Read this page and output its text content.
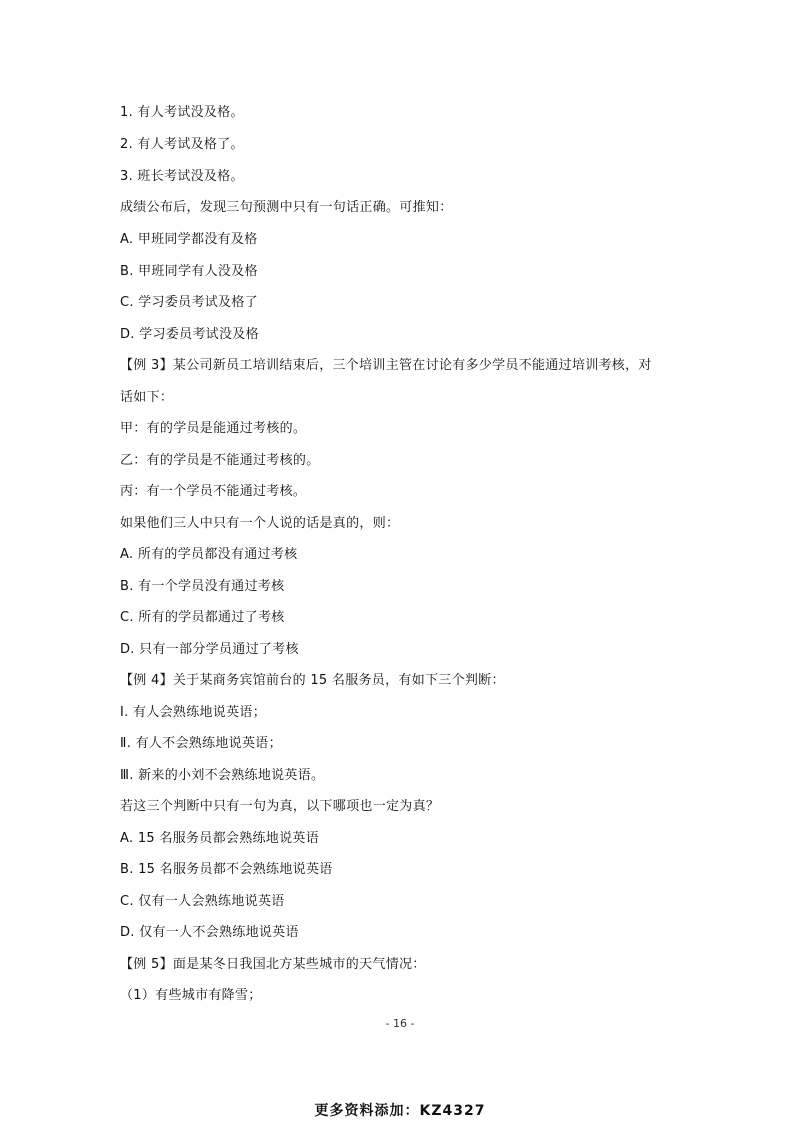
1. 有人考试没及格。
2. 有人考试及格了。
3. 班长考试没及格。
成绩公布后，发现三句预测中只有一句话正确。可推知：
A. 甲班同学都没有及格
B. 甲班同学有人没及格
C. 学习委员考试及格了
D. 学习委员考试没及格
【例 3】某公司新员工培训结束后，三个培训主管在讨论有多少学员不能通过培训考核，对
话如下：
甲：有的学员是能通过考核的。
乙：有的学员是不能通过考核的。
丙：有一个学员不能通过考核。
如果他们三人中只有一个人说的话是真的，则：
A. 所有的学员都没有通过考核
B. 有一个学员没有通过考核
C. 所有的学员都通过了考核
D. 只有一部分学员通过了考核
【例 4】关于某商务宾馆前台的 15 名服务员，有如下三个判断：
Ⅰ. 有人会熟练地说英语；
Ⅱ. 有人不会熟练地说英语；
Ⅲ. 新来的小刘不会熟练地说英语。
若这三个判断中只有一句为真，以下哪项也一定为真？
A. 15 名服务员都会熟练地说英语
B. 15 名服务员都不会熟练地说英语
C. 仅有一人会熟练地说英语
D. 仅有一人不会熟练地说英语
【例 5】面是某冬日我国北方某些城市的天气情况：
（1）有些城市有降雪；
- 16 -
更多资料添加：KZ4327
